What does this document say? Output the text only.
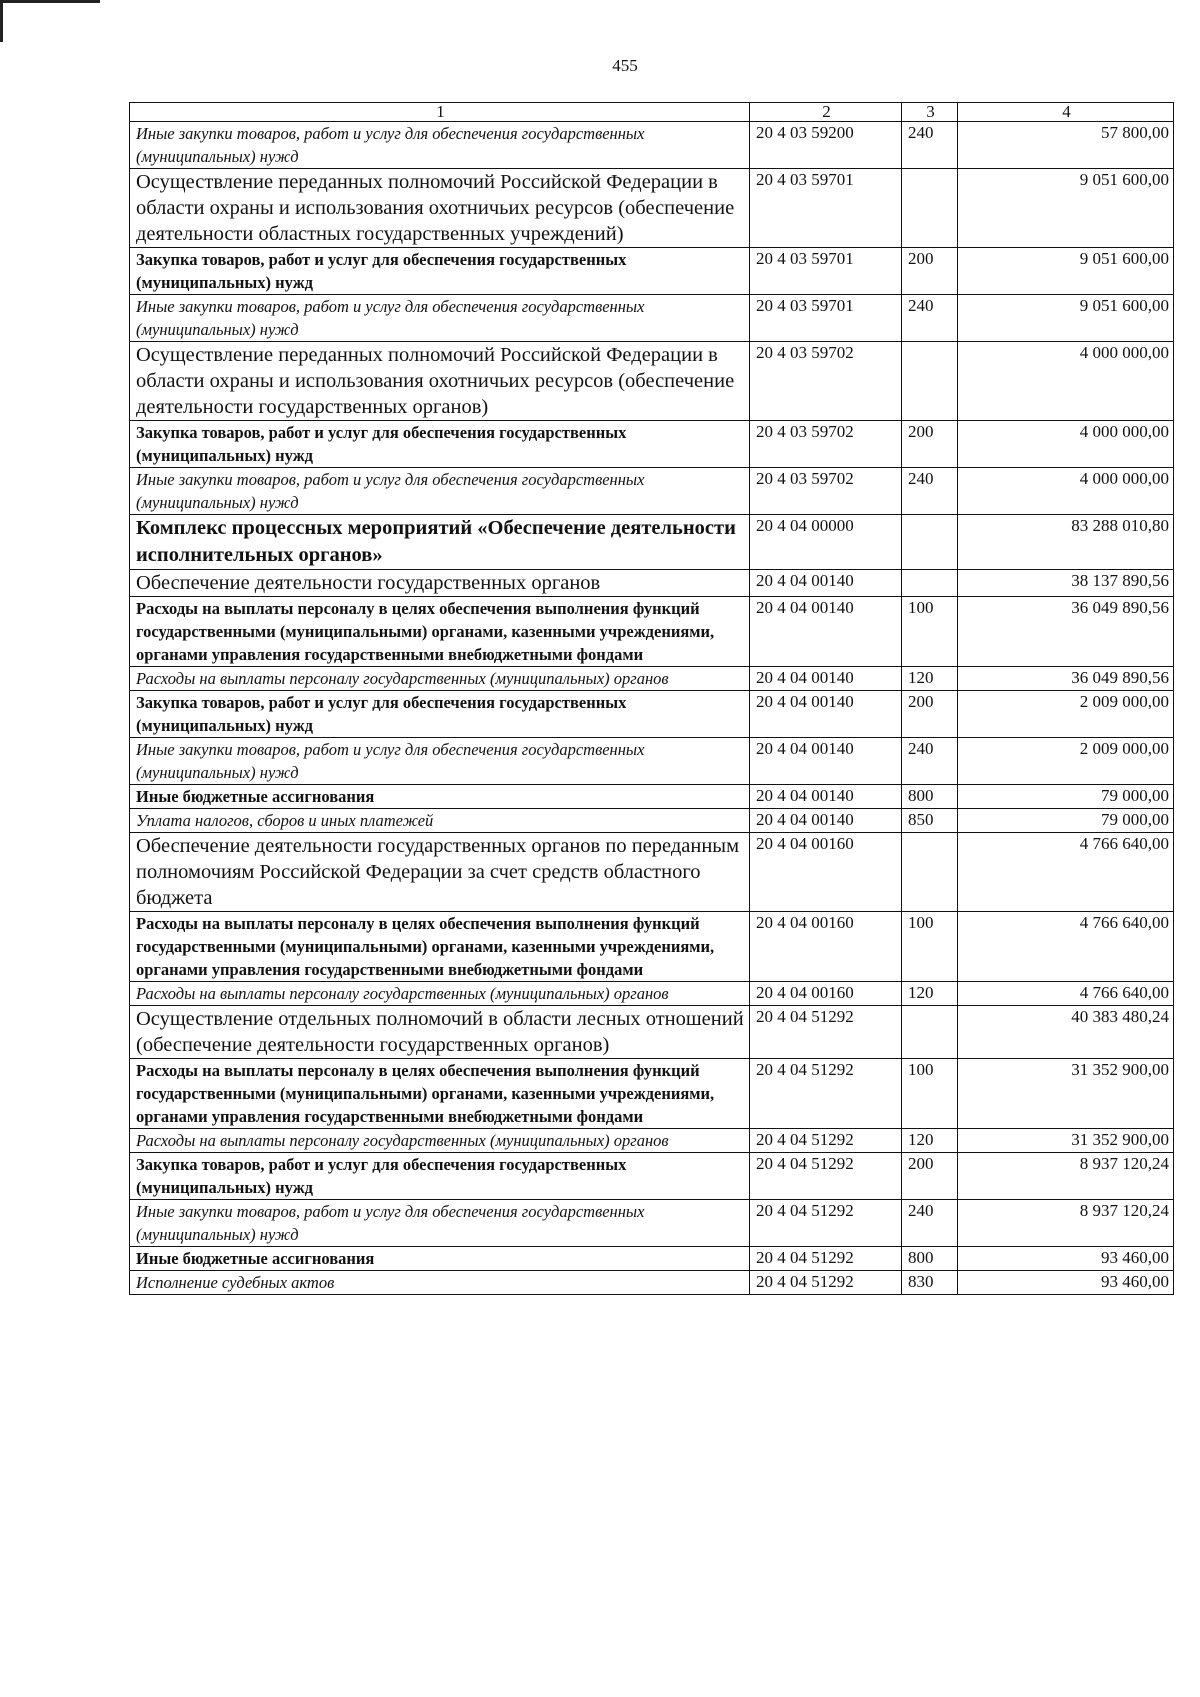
455
1	2	3	4
Иные закупки товаров, работ и услуг для обеспечения государственных (муниципальных) нужд	20 4 03 59200	240	57 800,00
Осуществление переданных полномочий Российской Федерации в области охраны и использования охотничьих ресурсов (обеспечение деятельности областных государственных учреждений)	20 4 03 59701		9 051 600,00
Закупка товаров, работ и услуг для обеспечения государственных (муниципальных) нужд	20 4 03 59701	200	9 051 600,00
Иные закупки товаров, работ и услуг для обеспечения государственных (муниципальных) нужд	20 4 03 59701	240	9 051 600,00
Осуществление переданных полномочий Российской Федерации в области охраны и использования охотничьих ресурсов (обеспечение деятельности государственных органов)	20 4 03 59702		4 000 000,00
Закупка товаров, работ и услуг для обеспечения государственных (муниципальных) нужд	20 4 03 59702	200	4 000 000,00
Иные закупки товаров, работ и услуг для обеспечения государственных (муниципальных) нужд	20 4 03 59702	240	4 000 000,00
Комплекс процессных мероприятий «Обеспечение деятельности исполнительных органов»	20 4 04 00000		83 288 010,80
Обеспечение деятельности государственных органов	20 4 04 00140		38 137 890,56
Расходы на выплаты персоналу в целях обеспечения выполнения функций государственными (муниципальными) органами, казенными учреждениями, органами управления государственными внебюджетными фондами	20 4 04 00140	100	36 049 890,56
Расходы на выплаты персоналу государственных (муниципальных) органов	20 4 04 00140	120	36 049 890,56
Закупка товаров, работ и услуг для обеспечения государственных (муниципальных) нужд	20 4 04 00140	200	2 009 000,00
Иные закупки товаров, работ и услуг для обеспечения государственных (муниципальных) нужд	20 4 04 00140	240	2 009 000,00
Иные бюджетные ассигнования	20 4 04 00140	800	79 000,00
Уплата налогов, сборов и иных платежей	20 4 04 00140	850	79 000,00
Обеспечение деятельности государственных органов по переданным полномочиям Российской Федерации за счет средств областного бюджета	20 4 04 00160		4 766 640,00
Расходы на выплаты персоналу в целях обеспечения выполнения функций государственными (муниципальными) органами, казенными учреждениями, органами управления государственными внебюджетными фондами	20 4 04 00160	100	4 766 640,00
Расходы на выплаты персоналу государственных (муниципальных) органов	20 4 04 00160	120	4 766 640,00
Осуществление отдельных полномочий в области лесных отношений (обеспечение деятельности государственных органов)	20 4 04 51292		40 383 480,24
Расходы на выплаты персоналу в целях обеспечения выполнения функций государственными (муниципальными) органами, казенными учреждениями, органами управления государственными внебюджетными фондами	20 4 04 51292	100	31 352 900,00
Расходы на выплаты персоналу государственных (муниципальных) органов	20 4 04 51292	120	31 352 900,00
Закупка товаров, работ и услуг для обеспечения государственных (муниципальных) нужд	20 4 04 51292	200	8 937 120,24
Иные закупки товаров, работ и услуг для обеспечения государственных (муниципальных) нужд	20 4 04 51292	240	8 937 120,24
Иные бюджетные ассигнования	20 4 04 51292	800	93 460,00
Исполнение судебных актов	20 4 04 51292	830	93 460,00
